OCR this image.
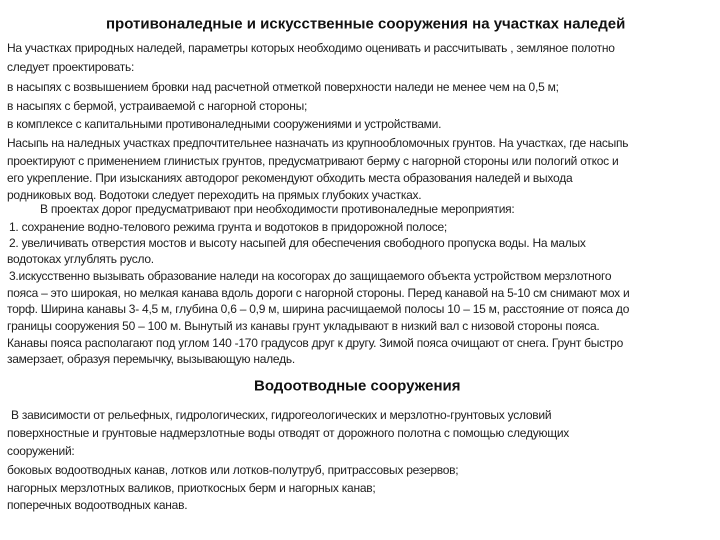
противоналедные и искусственные сооружения на участках наледей
На участках природных наледей, параметры которых необходимо оценивать и рассчитывать , земляное полотно
следует проектировать:
в насыпях с возвышением бровки над расчетной отметкой поверхности наледи не менее чем на 0,5 м;
в насыпях с бермой, устраиваемой с нагорной стороны;
в комплексе с капитальными противоналедными сооружениями и устройствами.
Насыпь на наледных участках предпочтительнее назначать из крупнообломочных грунтов. На участках, где насыпь
проектируют с применением глинистых грунтов, предусматривают берму с нагорной стороны или пологий откос и
его укрепление. При изысканиях автодорог рекомендуют обходить места образования наледей и выхода
родниковых вод. Водотоки следует переходить на прямых глубоких участках.
В проектах дорог предусматривают при необходимости противоналедные мероприятия:
1. сохранение водно-телового режима грунта и водотоков в придорожной полосе;
2. увеличивать отверстия мостов и высоту насыпей для обеспечения свободного пропуска воды. На малых
водотоках углублять русло.
3.искусственно вызывать образование наледи на косогорах до защищаемого объекта устройством мерзлотного
пояса – это широкая, но мелкая канава вдоль дороги с нагорной стороны. Перед канавой на 5-10 см снимают мох и
торф. Ширина канавы 3- 4,5 м, глубина 0,6 – 0,9 м, ширина расчищаемой полосы 10 – 15 м, расстояние от пояса до
границы сооружения 50 – 100 м. Вынутый из канавы грунт укладывают в низкий вал с низовой стороны пояса.
Канавы пояса располагают под углом 140 -170 градусов друг к другу. Зимой пояса очищают от снега. Грунт быстро
замерзает, образуя перемычку, вызывающую наледь.
Водоотводные сооружения
В зависимости от рельефных, гидрологических, гидрогеологических и мерзлотно-грунтовых условий
поверхностные и грунтовые надмерзлотные воды отводят от дорожного полотна с помощью следующих
сооружений:
боковых водоотводных канав, лотков или лотков-полутруб, притрассовых резервов;
нагорных мерзлотных валиков, приоткосных берм и нагорных канав;
поперечных водоотводных канав.
